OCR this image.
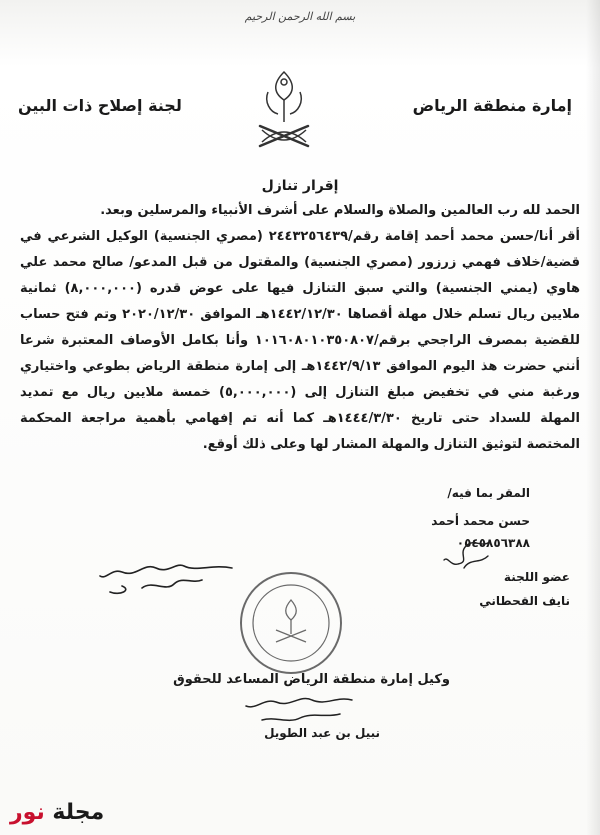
بسم الله الرحمن الرحيم
إمارة منطقة الرياض
لجنة إصلاح ذات البين
إقرار تنازل

الحمد لله رب العالمين والصلاة والسلام على أشرف الأنبياء والمرسلين وبعد.

أقر أنا/حسن محمد أحمد إقامة رقم/٢٤٤٣٢٥٦٤٣٩ (مصري الجنسية) الوكيل الشرعي في قضية/خلاف فهمي زرزور (مصري الجنسية) والمقتول من قبل المدعو/ صالح محمد علي هاوي (يمني الجنسية) والتي سبق التنازل فيها على عوض قدره (٨,٠٠٠,٠٠٠) ثمانية ملايين ريال تسلم خلال مهلة أقصاها ١٤٤٢/١٢/٣٠هـ الموافق ٢٠٢٠/١٢/٣٠ وتم فتح حساب للقضية بمصرف الراجحي برقم/١٠١٦٠٨٠١٠٣٥٠٨٠٧ وأنا بكامل الأوصاف المعتبرة شرعا أنني حضرت هذ اليوم الموافق ١٤٤٢/٩/١٣هـ إلى إمارة منطقة الرياض بطوعي واختياري ورغبة مني في تخفيض مبلغ التنازل إلى (٥,٠٠٠,٠٠٠) خمسة ملايين ريال مع تمديد المهلة للسداد حتى تاريخ ١٤٤٤/٣/٣٠هـ كما أنه تم إفهامي بأهمية مراجعة المحكمة المختصة لتوثيق التنازل والمهلة المشار لها وعلى ذلك أوقع.

المقر بما فيه/
حسن محمد أحمد
٠٥٤٥٨٥٦٣٨٨
عضو اللجنة
نايف القحطاني
وكيل إمارة منطقة الرياض المساعد للحقوق
نبيل بن عبد الطويل
مجلة نور
